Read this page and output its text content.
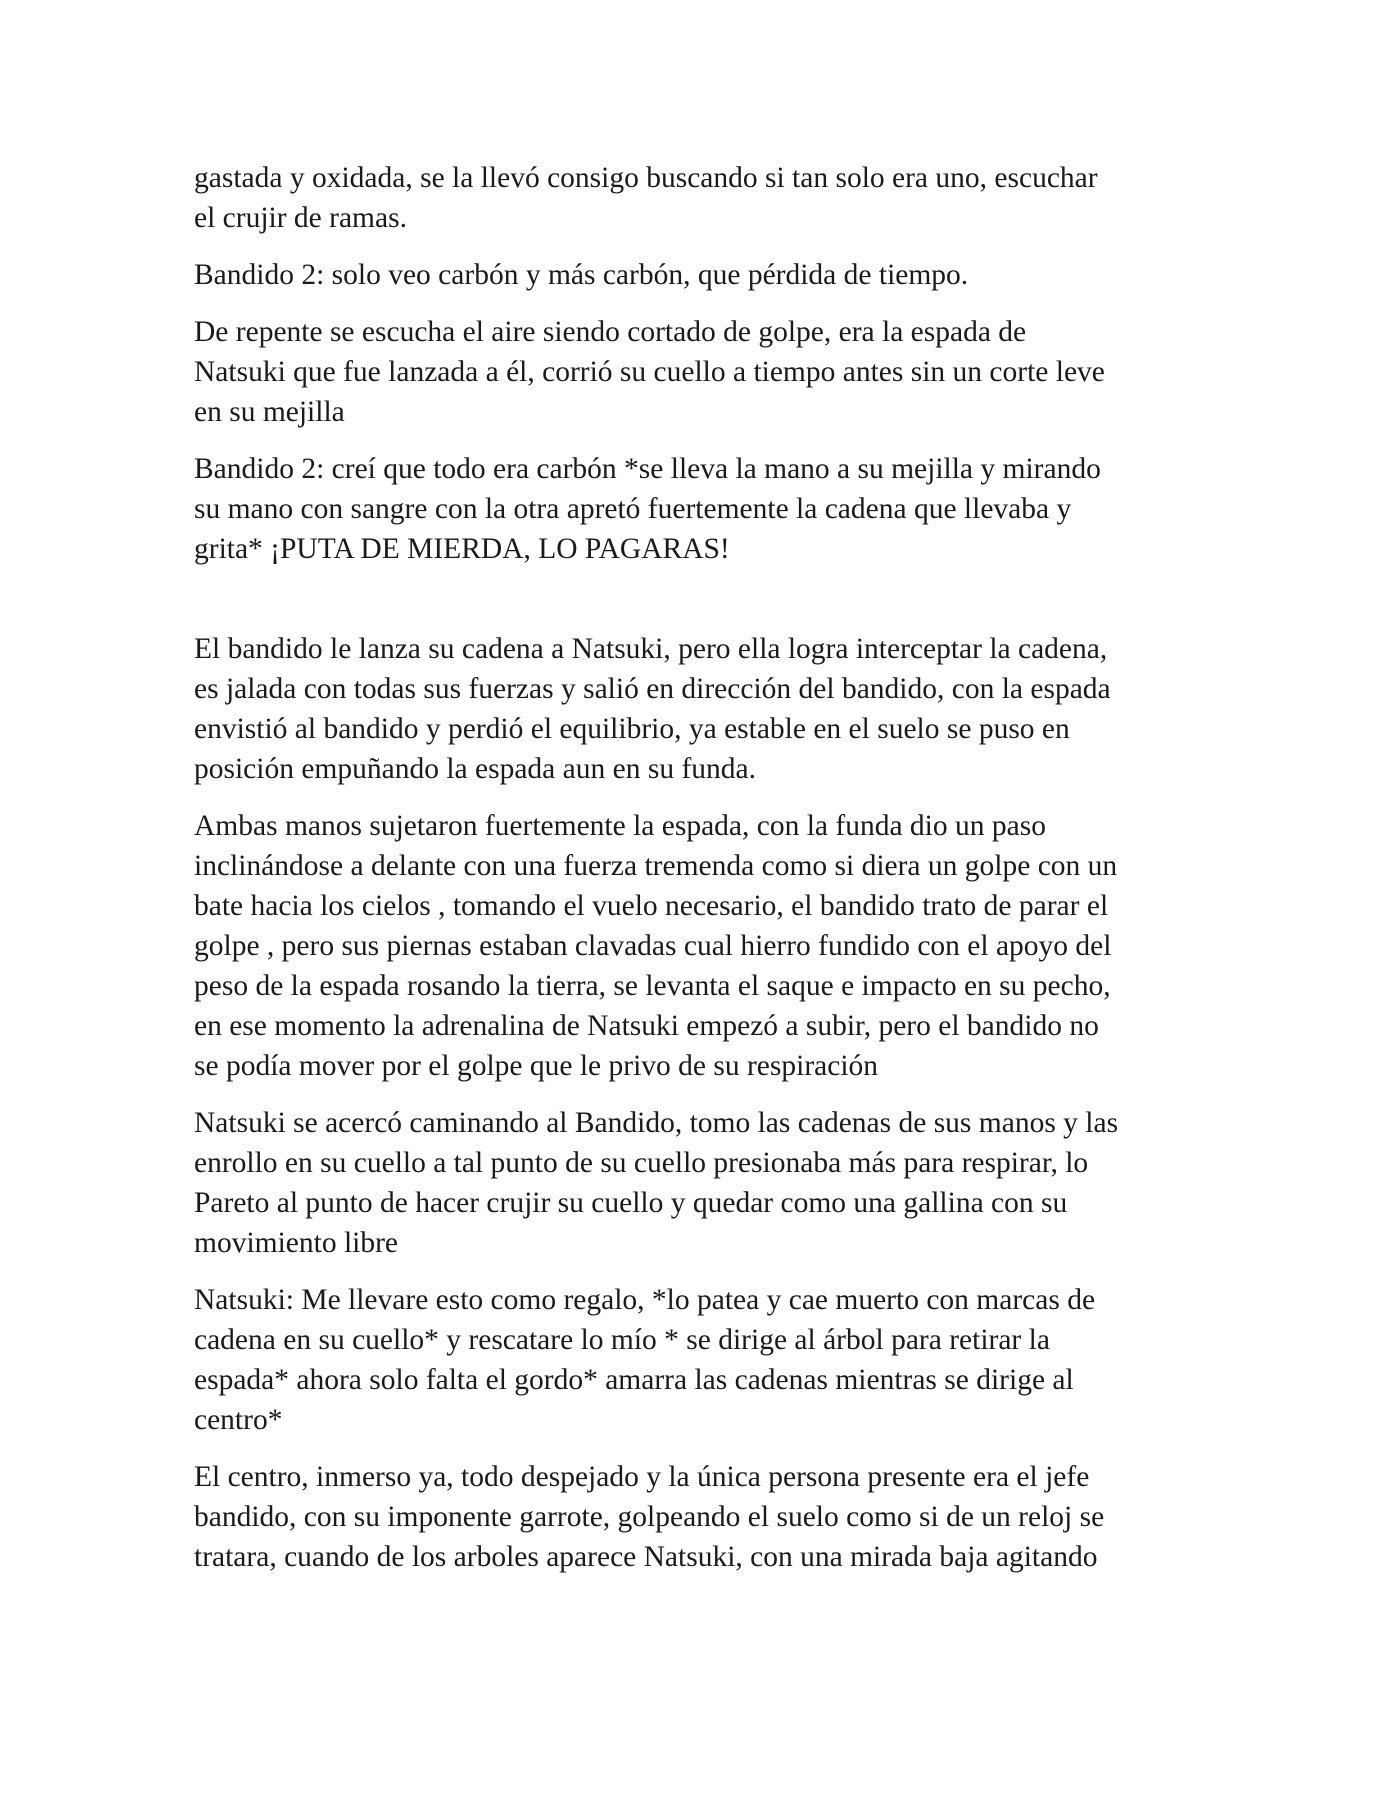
gastada y oxidada, se la llevó consigo buscando si tan solo era uno, escuchar
el crujir de ramas.

Bandido 2: solo veo carbón y más carbón, que pérdida de tiempo.

De repente se escucha el aire siendo cortado de golpe, era la espada de
Natsuki que fue lanzada a él, corrió su cuello a tiempo antes sin un corte leve
en su mejilla

Bandido 2: creí que todo era carbón *se lleva la mano a su mejilla y mirando
su mano con sangre con la otra apretó fuertemente la cadena que llevaba y
grita* ¡PUTA DE MIERDA, LO PAGARAS!

El bandido le lanza su cadena a Natsuki, pero ella logra interceptar la cadena,
es jalada con todas sus fuerzas y salió en dirección del bandido, con la espada
envistió al bandido y perdió el equilibrio, ya estable en el suelo se puso en
posición empuñando la espada aun en su funda.

Ambas manos sujetaron fuertemente la espada, con la funda dio un paso
inclinándose a delante con una fuerza tremenda como si diera un golpe con un
bate hacia los cielos , tomando el vuelo necesario, el bandido trato de parar el
golpe , pero sus piernas estaban clavadas cual hierro fundido con el apoyo del
peso de la espada rosando la tierra, se levanta el saque e impacto en su pecho,
en ese momento la adrenalina de Natsuki empezó a subir, pero el bandido no
se podía mover por el golpe que le privo de su respiración

Natsuki se acercó caminando al Bandido, tomo las cadenas de sus manos y las
enrollo en su cuello a tal punto de su cuello presionaba más para respirar, lo
Pareto al punto de hacer crujir su cuello y quedar como una gallina con su
movimiento libre

Natsuki: Me llevare esto como regalo, *lo patea y cae muerto con marcas de
cadena en su cuello* y rescatare lo mío * se dirige al árbol para retirar la
espada* ahora solo falta el gordo* amarra las cadenas mientras se dirige al
centro*

El centro, inmerso ya, todo despejado y la única persona presente era el jefe
bandido, con su imponente garrote, golpeando el suelo como si de un reloj se
tratara, cuando de los arboles aparece Natsuki, con una mirada baja agitando
